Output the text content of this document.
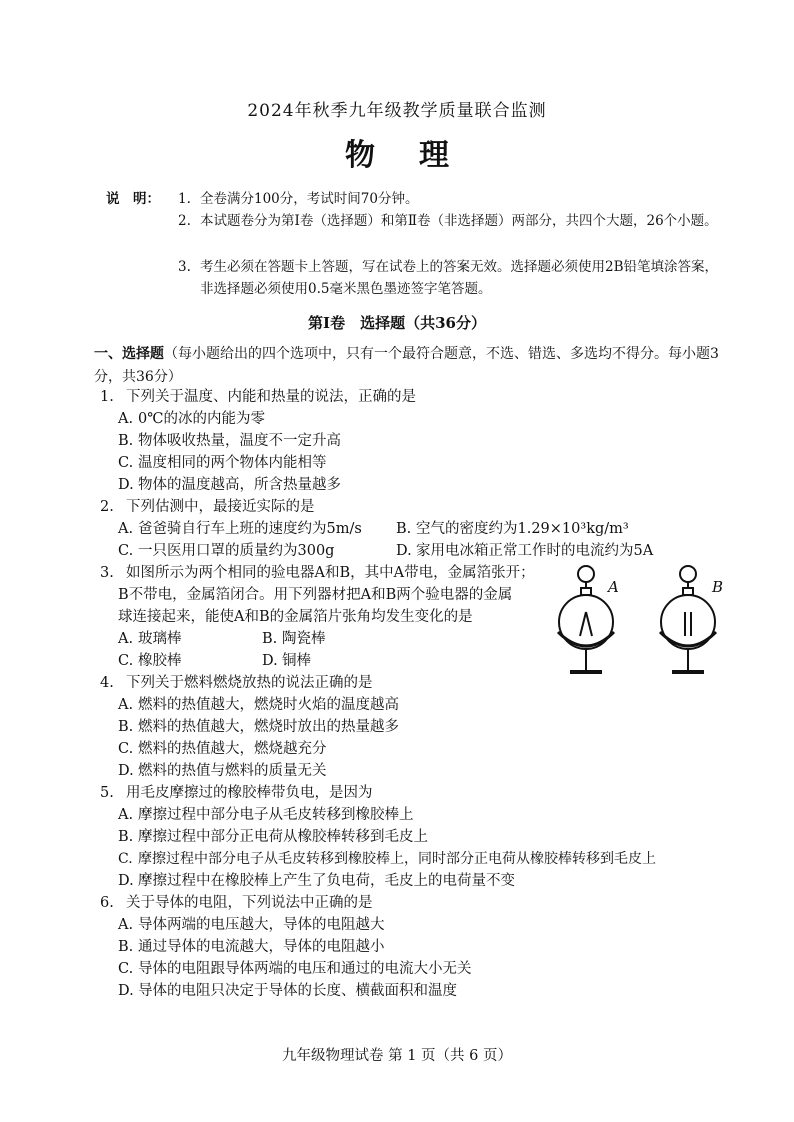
2024年秋季九年级教学质量联合监测
物理
说　明： 1. 全卷满分100分，考试时间70分钟。
2. 本试题卷分为第Ⅰ卷（选择题）和第Ⅱ卷（非选择题）两部分，共四个大题，26个小题。
3. 考生必须在答题卡上答题，写在试卷上的答案无效。选择题必须使用2B铅笔填涂答案，非选择题必须使用0.5毫米黑色墨迹签字笔答题。
第Ⅰ卷　选择题（共36分）
一、选择题（每小题给出的四个选项中，只有一个最符合题意，不选、错选、多选均不得分。每小题3分，共36分）
1. 下列关于温度、内能和热量的说法，正确的是
A. 0℃的冰的内能为零
B. 物体吸收热量，温度不一定升高
C. 温度相同的两个物体内能相等
D. 物体的温度越高，所含热量越多
2. 下列估测中，最接近实际的是
A. 爸爸骑自行车上班的速度约为5m/s B. 空气的密度约为1.29×10³kg/m³
C. 一只医用口罩的质量约为300g	D. 家用电冰箱正常工作时的电流约为5A
3. 如图所示为两个相同的验电器A和B，其中A带电，金属箔张开；
B不带电，金属箔闭合。用下列器材把A和B两个验电器的金属
球连接起来，能使A和B的金属箔片张角均发生变化的是
A. 玻璃棒	B. 陶瓷棒
C. 橡胶棒	D. 铜棒
A	B
4. 下列关于燃料燃烧放热的说法正确的是
A. 燃料的热值越大，燃烧时火焰的温度越高
B. 燃料的热值越大，燃烧时放出的热量越多
C. 燃料的热值越大，燃烧越充分
D. 燃料的热值与燃料的质量无关
5. 用毛皮摩擦过的橡胶棒带负电，是因为
A. 摩擦过程中部分电子从毛皮转移到橡胶棒上
B. 摩擦过程中部分正电荷从橡胶棒转移到毛皮上
C. 摩擦过程中部分电子从毛皮转移到橡胶棒上，同时部分正电荷从橡胶棒转移到毛皮上
D. 摩擦过程中在橡胶棒上产生了负电荷，毛皮上的电荷量不变
6. 关于导体的电阻，下列说法中正确的是
A. 导体两端的电压越大，导体的电阻越大
B. 通过导体的电流越大，导体的电阻越小
C. 导体的电阻跟导体两端的电压和通过的电流大小无关
D. 导体的电阻只决定于导体的长度、横截面积和温度
九年级物理试卷 第 1 页（共 6 页）
